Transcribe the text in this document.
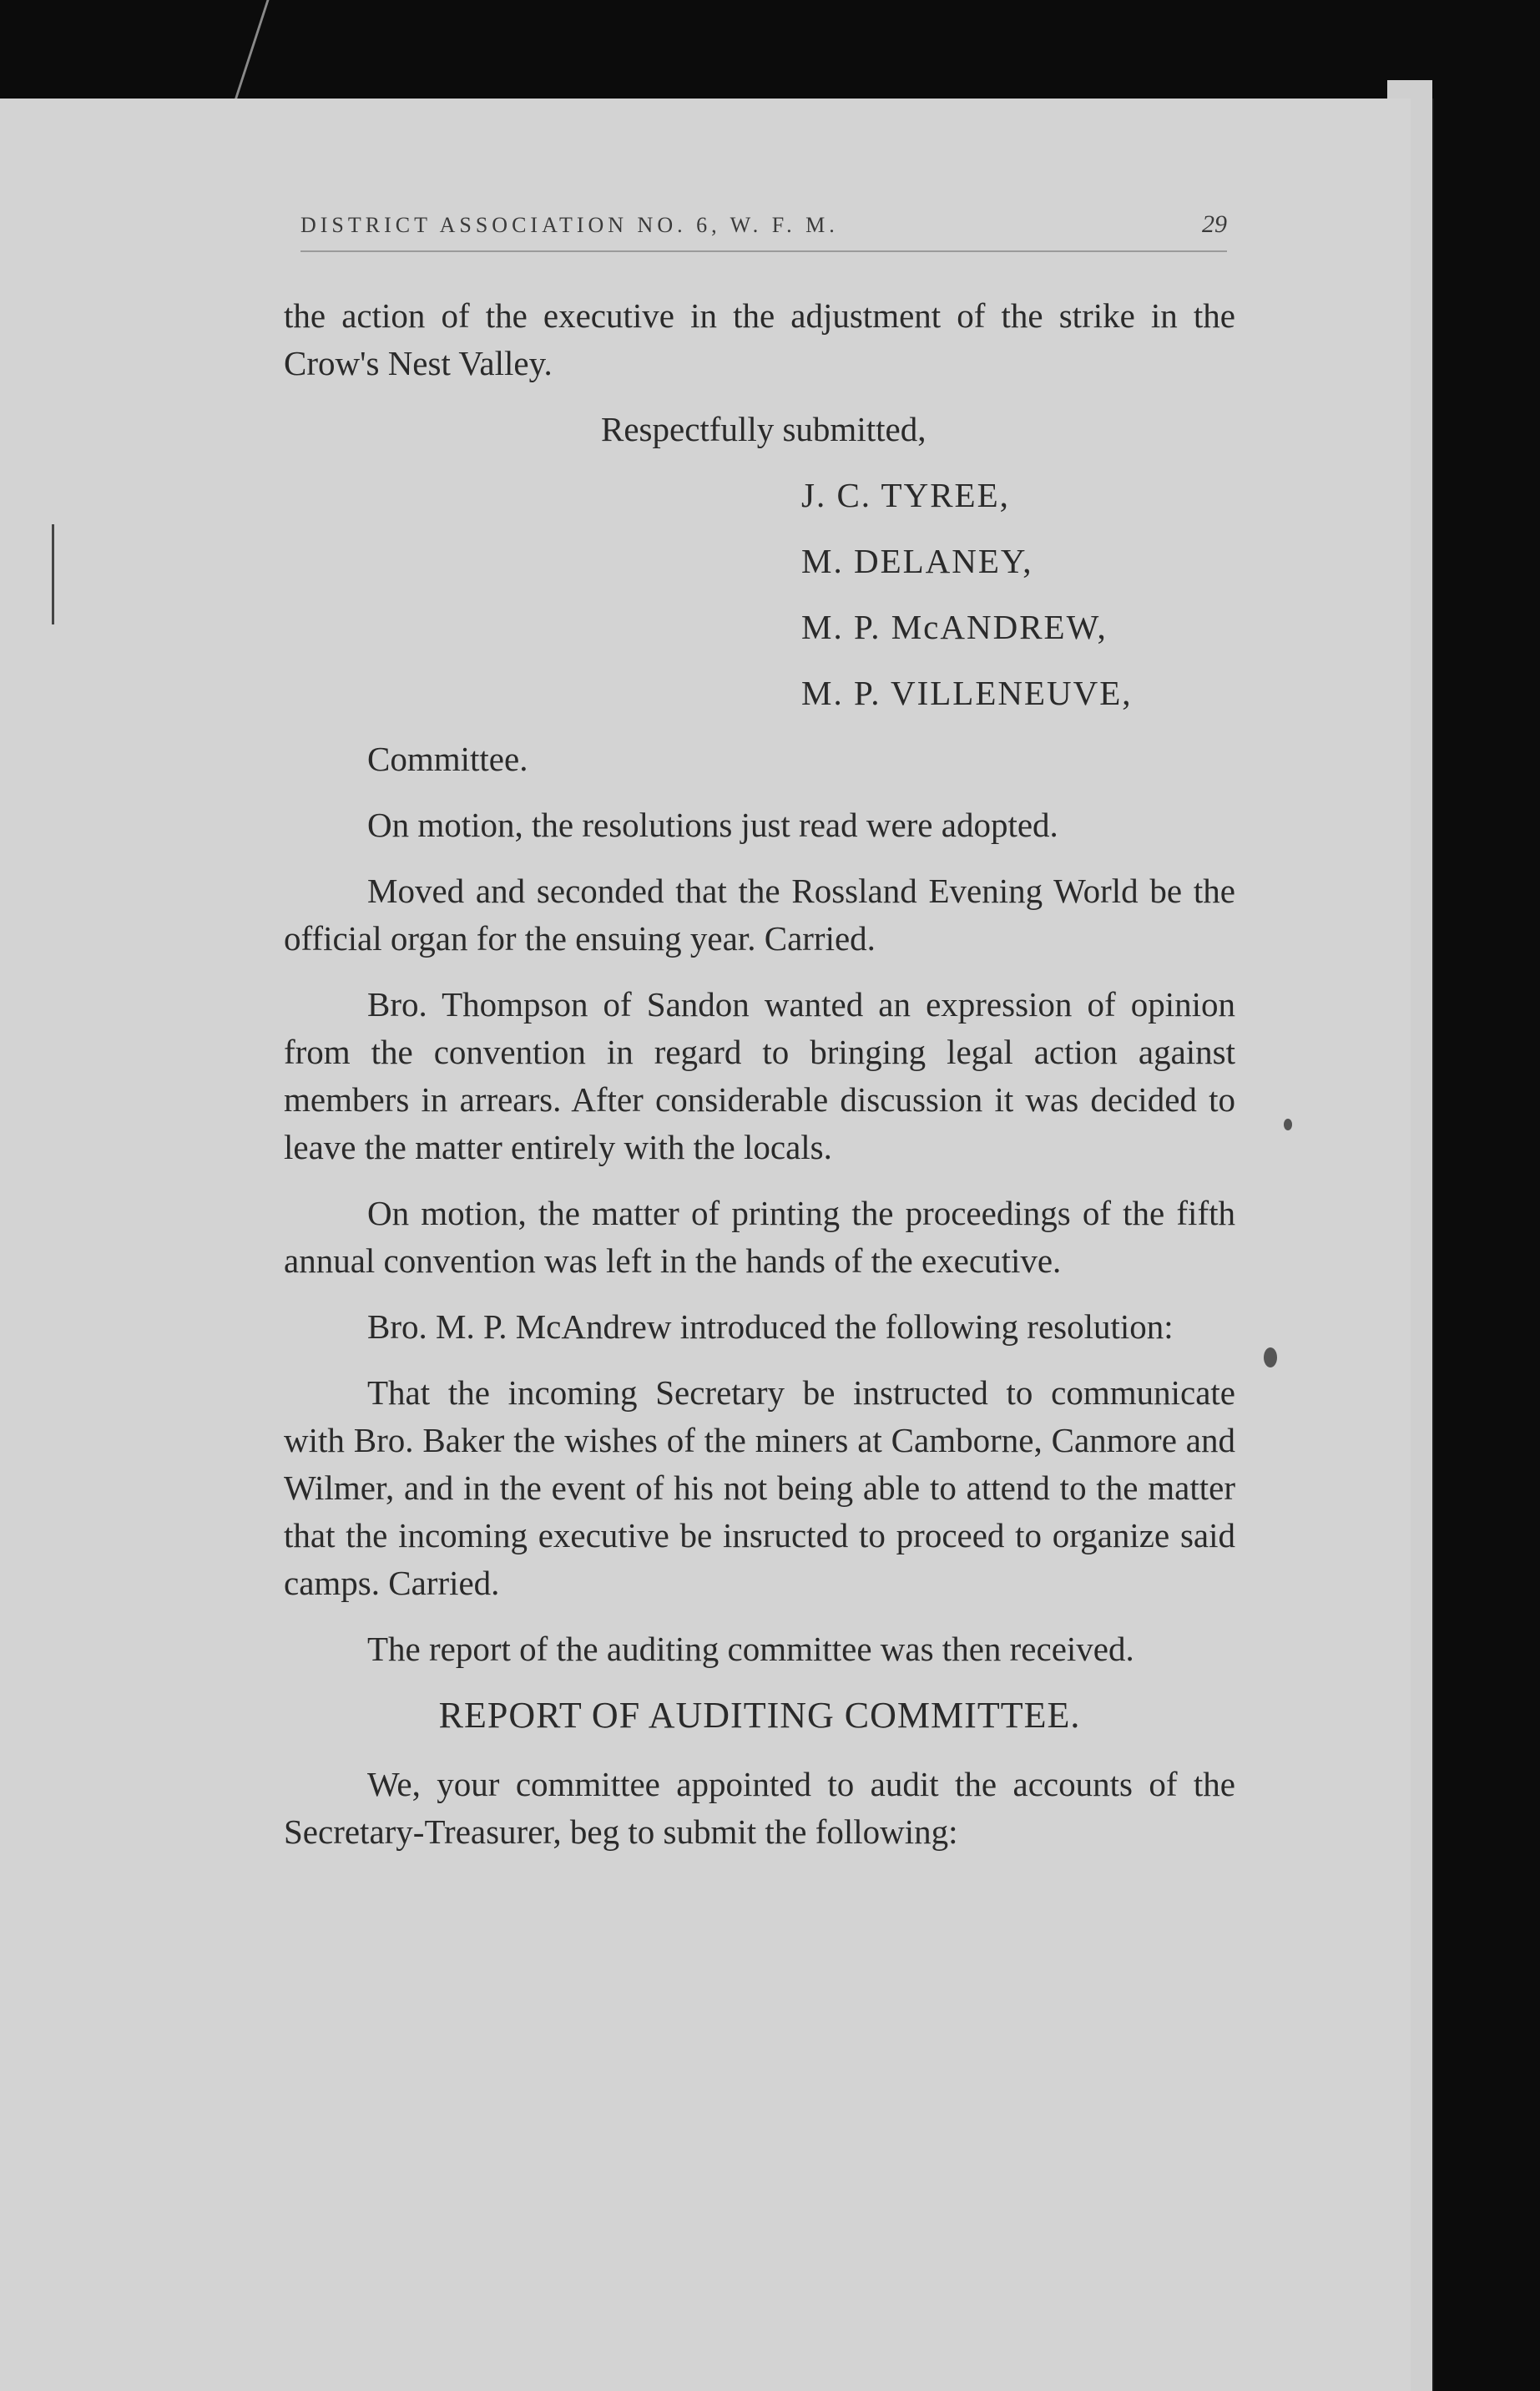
DISTRICT ASSOCIATION NO. 6, W. F. M.	29

the action of the executive in the adjustment of the strike in the Crow's Nest Valley.

Respectfully submitted,

J. C. TYREE,

M. DELANEY,

M. P. McANDREW,

M. P. VILLENEUVE,

Committee.

On motion, the resolutions just read were adopted.

Moved and seconded that the Rossland Evening World be the official organ for the ensuing year. Carried.

Bro. Thompson of Sandon wanted an expression of opinion from the convention in regard to bringing legal action against members in arrears. After considerable discussion it was decided to leave the matter entirely with the locals.

On motion, the matter of printing the proceedings of the fifth annual convention was left in the hands of the executive.

Bro. M. P. McAndrew introduced the following resolution:

That the incoming Secretary be instructed to communicate with Bro. Baker the wishes of the miners at Camborne, Canmore and Wilmer, and in the event of his not being able to attend to the matter that the incoming executive be insructed to proceed to organize said camps. Carried.

The report of the auditing committee was then received.

REPORT OF AUDITING COMMITTEE.

We, your committee appointed to audit the accounts of the Secretary-Treasurer, beg to submit the following:
